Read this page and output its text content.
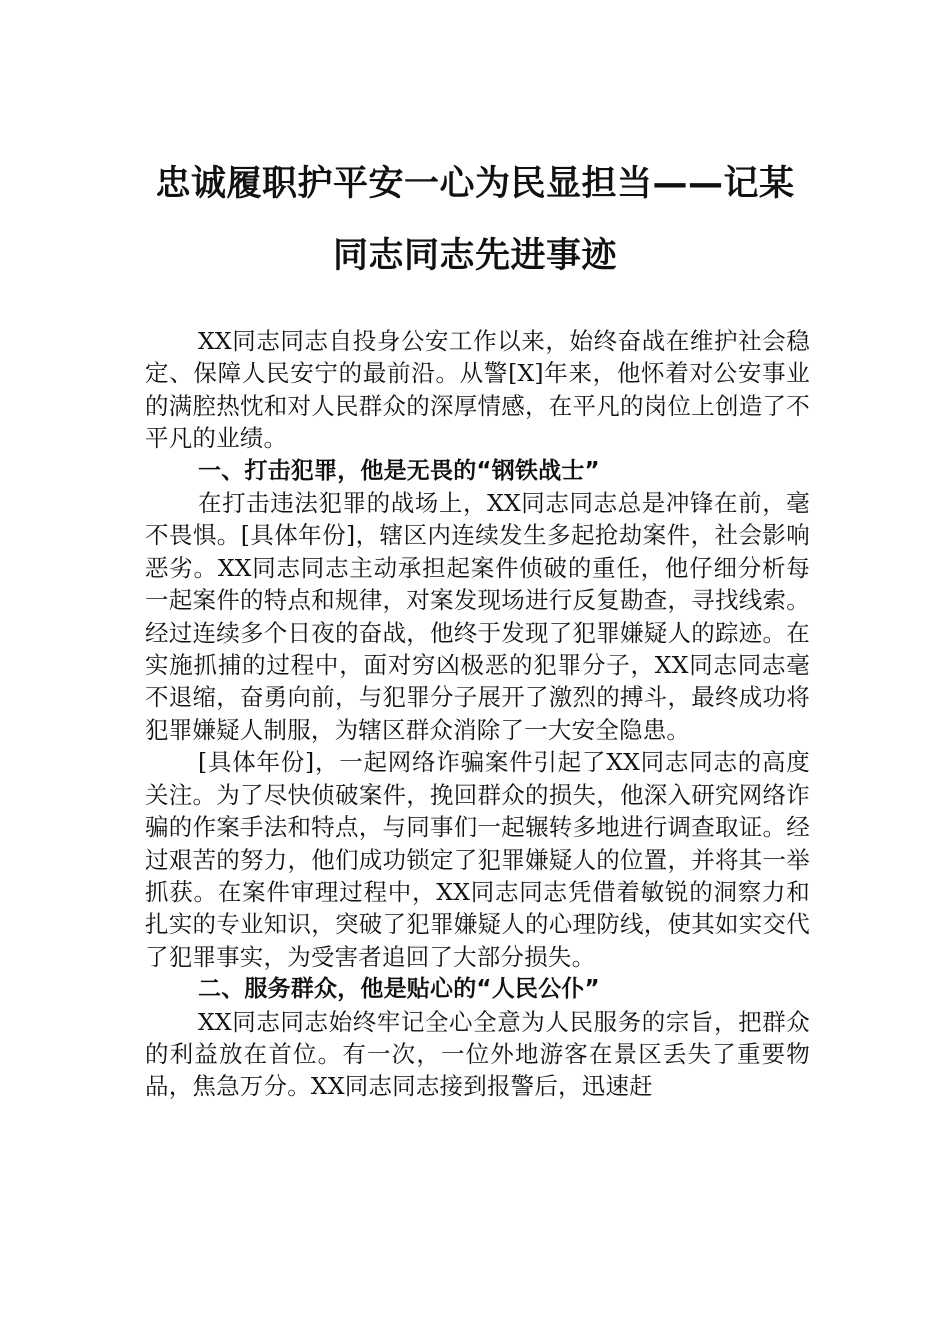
忠诚履职护平安一心为民显担当——记某
同志同志先进事迹

XX同志同志自投身公安工作以来，始终奋战在维护社会稳定、保障人民安宁的最前沿。从警[X]年来，他怀着对公安事业的满腔热忱和对人民群众的深厚情感，在平凡的岗位上创造了不平凡的业绩。

一、打击犯罪，他是无畏的“钢铁战士”

在打击违法犯罪的战场上，XX同志同志总是冲锋在前，毫不畏惧。[具体年份]，辖区内连续发生多起抢劫案件，社会影响恶劣。XX同志同志主动承担起案件侦破的重任，他仔细分析每一起案件的特点和规律，对案发现场进行反复勘查，寻找线索。经过连续多个日夜的奋战，他终于发现了犯罪嫌疑人的踪迹。在实施抓捕的过程中，面对穷凶极恶的犯罪分子，XX同志同志毫不退缩，奋勇向前，与犯罪分子展开了激烈的搏斗，最终成功将犯罪嫌疑人制服，为辖区群众消除了一大安全隐患。

[具体年份]，一起网络诈骗案件引起了XX同志同志的高度关注。为了尽快侦破案件，挽回群众的损失，他深入研究网络诈骗的作案手法和特点，与同事们一起辗转多地进行调查取证。经过艰苦的努力，他们成功锁定了犯罪嫌疑人的位置，并将其一举抓获。在案件审理过程中，XX同志同志凭借着敏锐的洞察力和扎实的专业知识，突破了犯罪嫌疑人的心理防线，使其如实交代了犯罪事实，为受害者追回了大部分损失。

二、服务群众，他是贴心的“人民公仆”

XX同志同志始终牢记全心全意为人民服务的宗旨，把群众的利益放在首位。有一次，一位外地游客在景区丢失了重要物品，焦急万分。XX同志同志接到报警后，迅速赶
